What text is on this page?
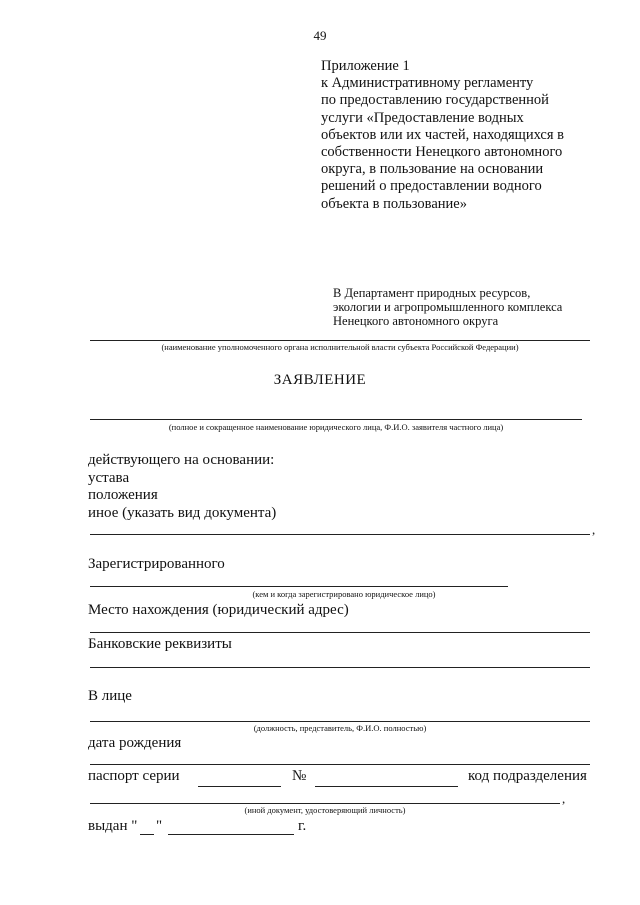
49
Приложение 1
к Административному регламенту
по предоставлению государственной
услуги «Предоставление водных
объектов или их частей, находящихся в
собственности Ненецкого автономного
округа, в пользование на основании
решений о предоставлении водного
объекта в пользование»
В Департамент природных ресурсов,
экологии и агропромышленного комплекса
Ненецкого автономного округа
(наименование уполномоченного органа исполнительной власти субъекта Российской Федерации)
ЗАЯВЛЕНИЕ
(полное и сокращенное наименование юридического лица, Ф.И.О. заявителя частного лица)
действующего на основании:
устава
положения
иное (указать вид документа)
,
Зарегистрированного
(кем и когда зарегистрировано юридическое лицо)
Место нахождения (юридический адрес)
Банковские реквизиты
В лице
(должность, представитель, Ф.И.О. полностью)
дата рождения
паспорт серии	№	код подразделения
,
(иной документ, удостоверяющий личность)
выдан " "	г.
